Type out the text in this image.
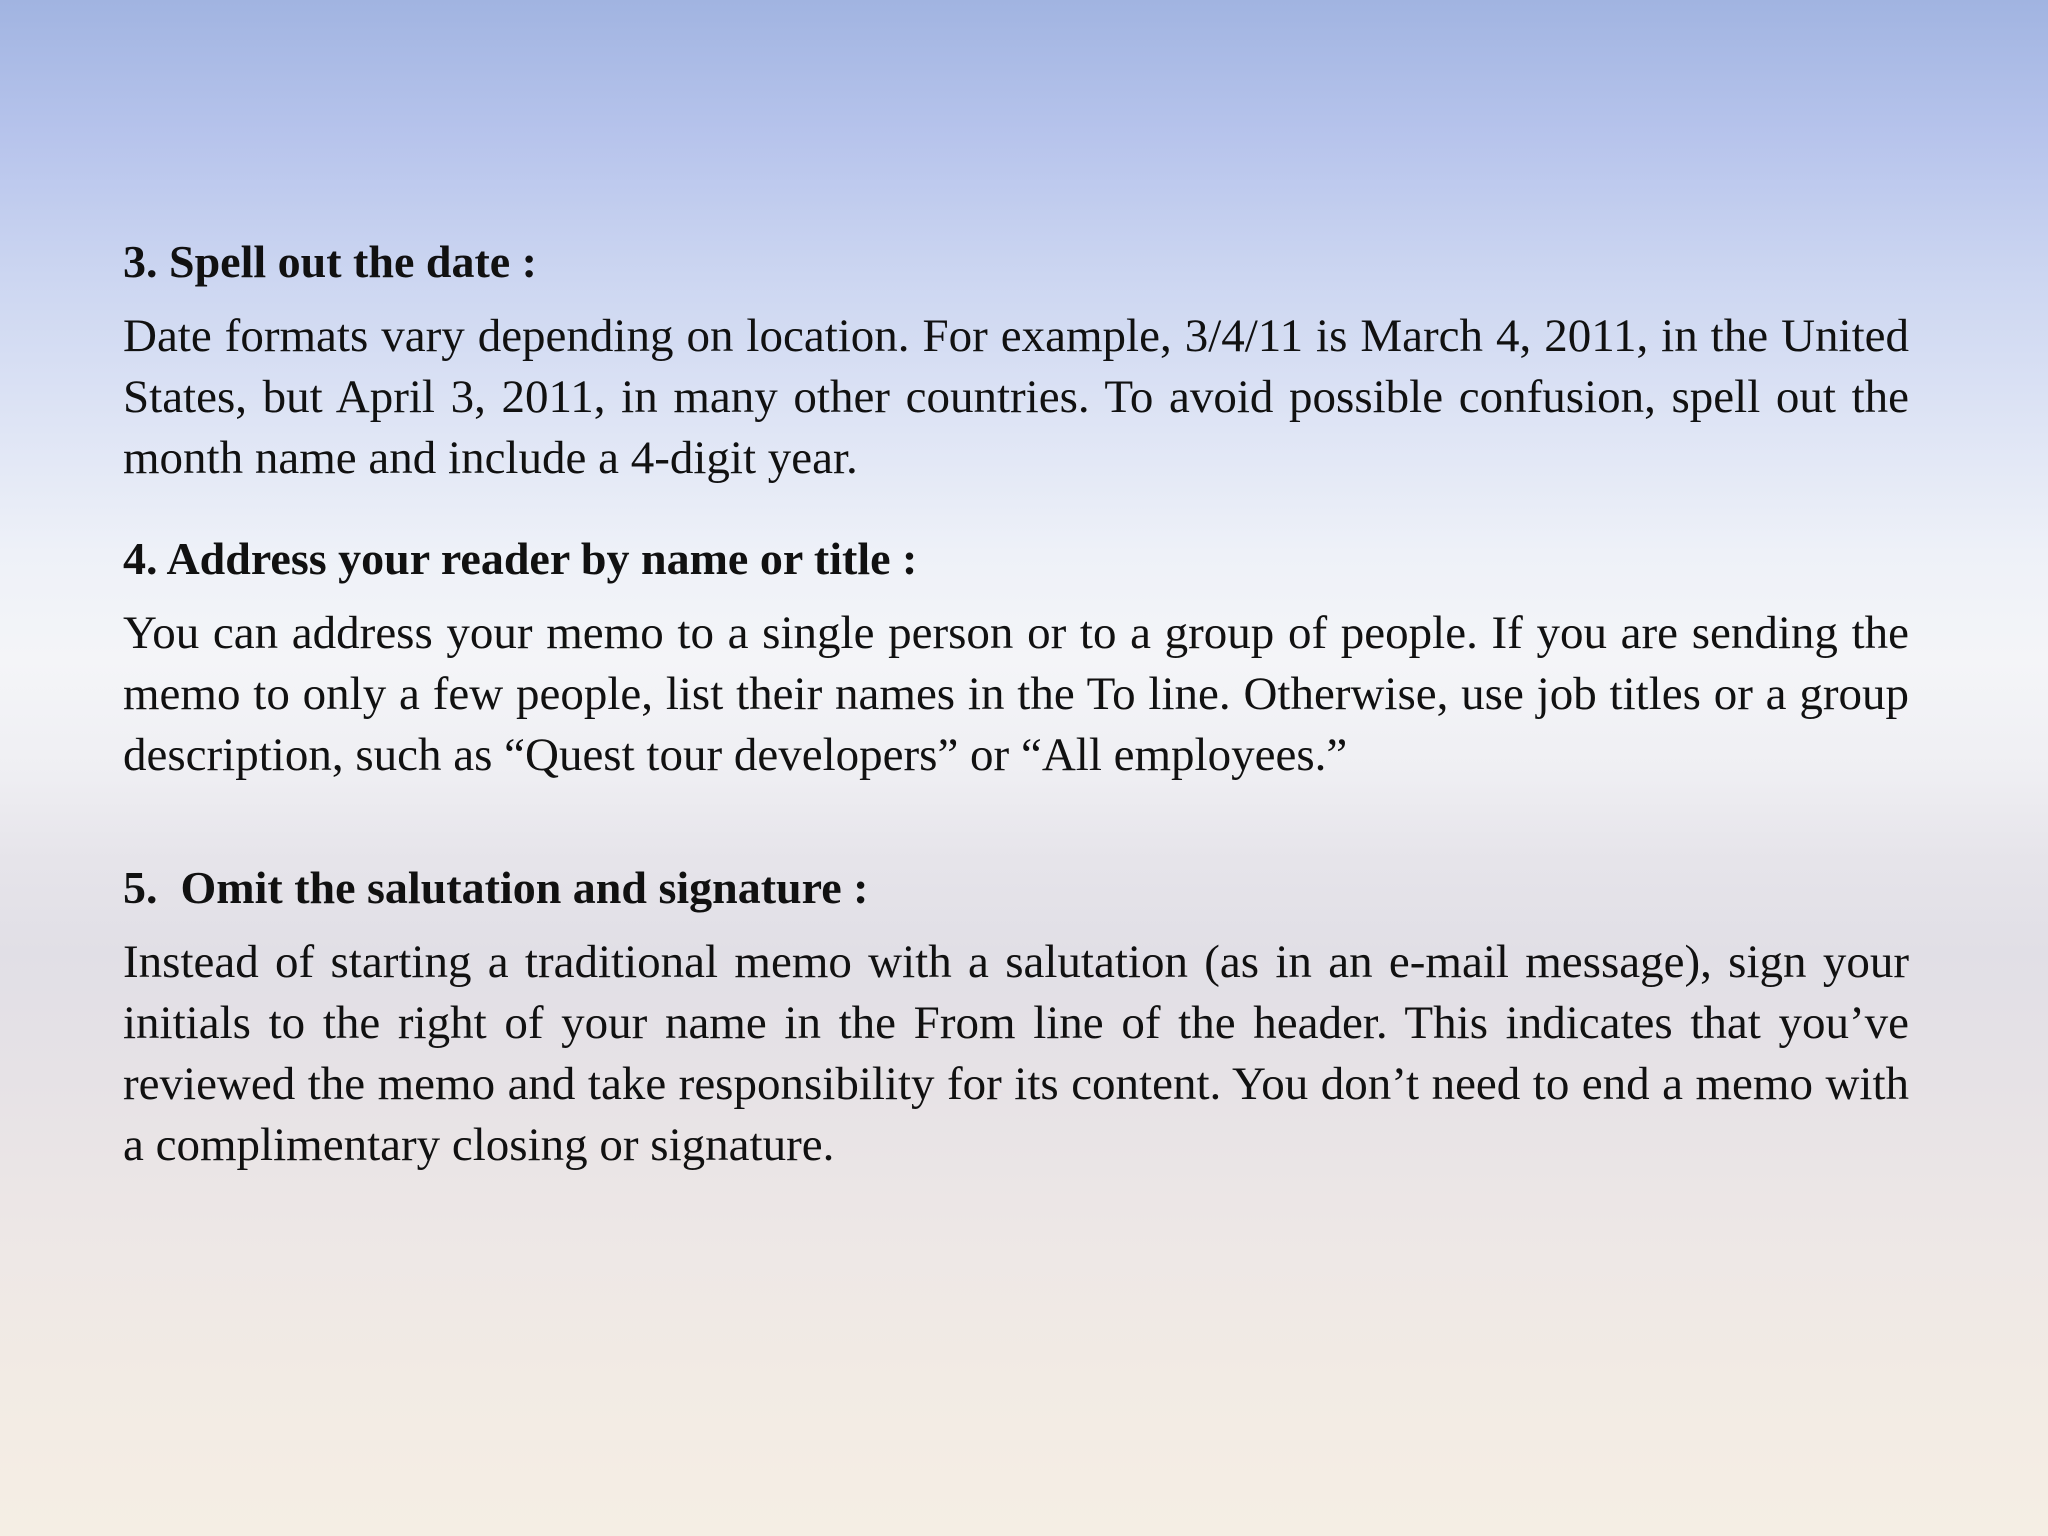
3. Spell out the date :

Date formats vary depending on location. For example, 3/4/11 is March 4, 2011, in the United States, but April 3, 2011, in many other countries. To avoid possible confusion, spell out the month name and include a 4-digit year.

4. Address your reader by name or title :

You can address your memo to a single person or to a group of people. If you are sending the memo to only a few people, list their names in the To line. Otherwise, use job titles or a group description, such as “Quest tour developers” or “All employees.”

5.  Omit the salutation and signature :

Instead of starting a traditional memo with a salutation (as in an e-mail message), sign your initials to the right of your name in the From line of the header. This indicates that you’ve reviewed the memo and take responsibility for its content. You don’t need to end a memo with a complimentary closing or signature.
